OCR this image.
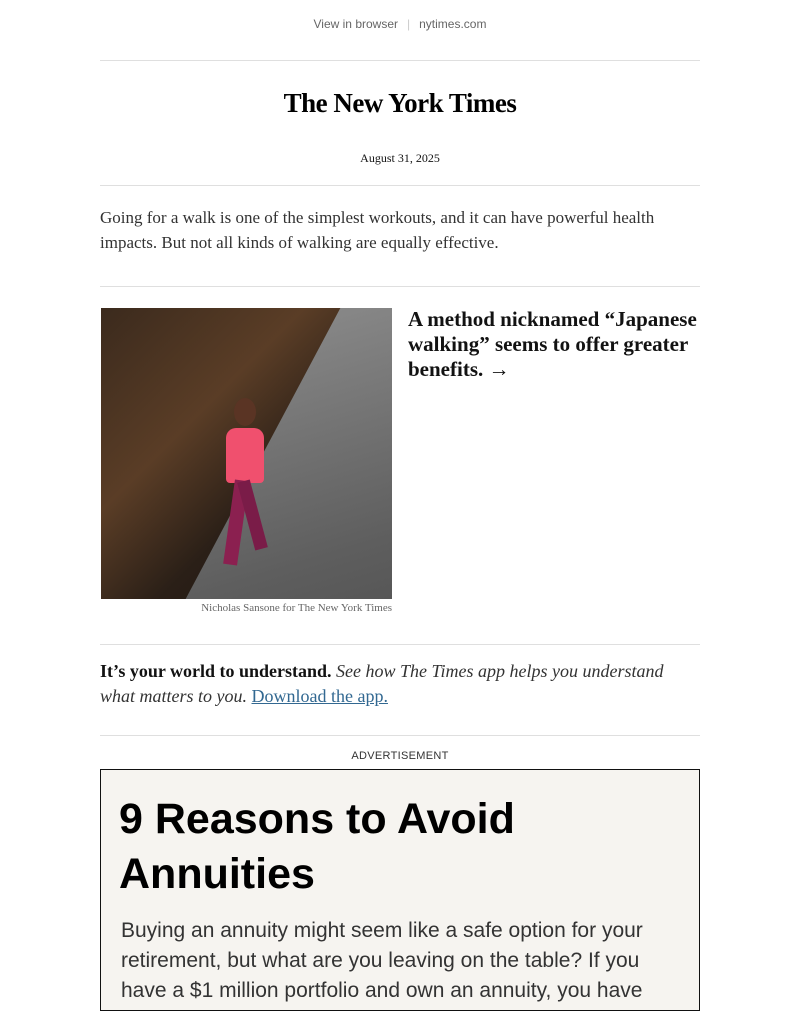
View in browser | nytimes.com
The New York Times
August 31, 2025
Going for a walk is one of the simplest workouts, and it can have powerful health impacts. But not all kinds of walking are equally effective.
Nicholas Sansone for The New York Times
A method nicknamed “Japanese walking” seems to offer greater benefits. →
It’s your world to understand. See how The Times app helps you understand what matters to you. Download the app.
ADVERTISEMENT
9 Reasons to Avoid Annuities
Buying an annuity might seem like a safe option for your retirement, but what are you leaving on the table? If you have a $1 million portfolio and own an annuity, you have
